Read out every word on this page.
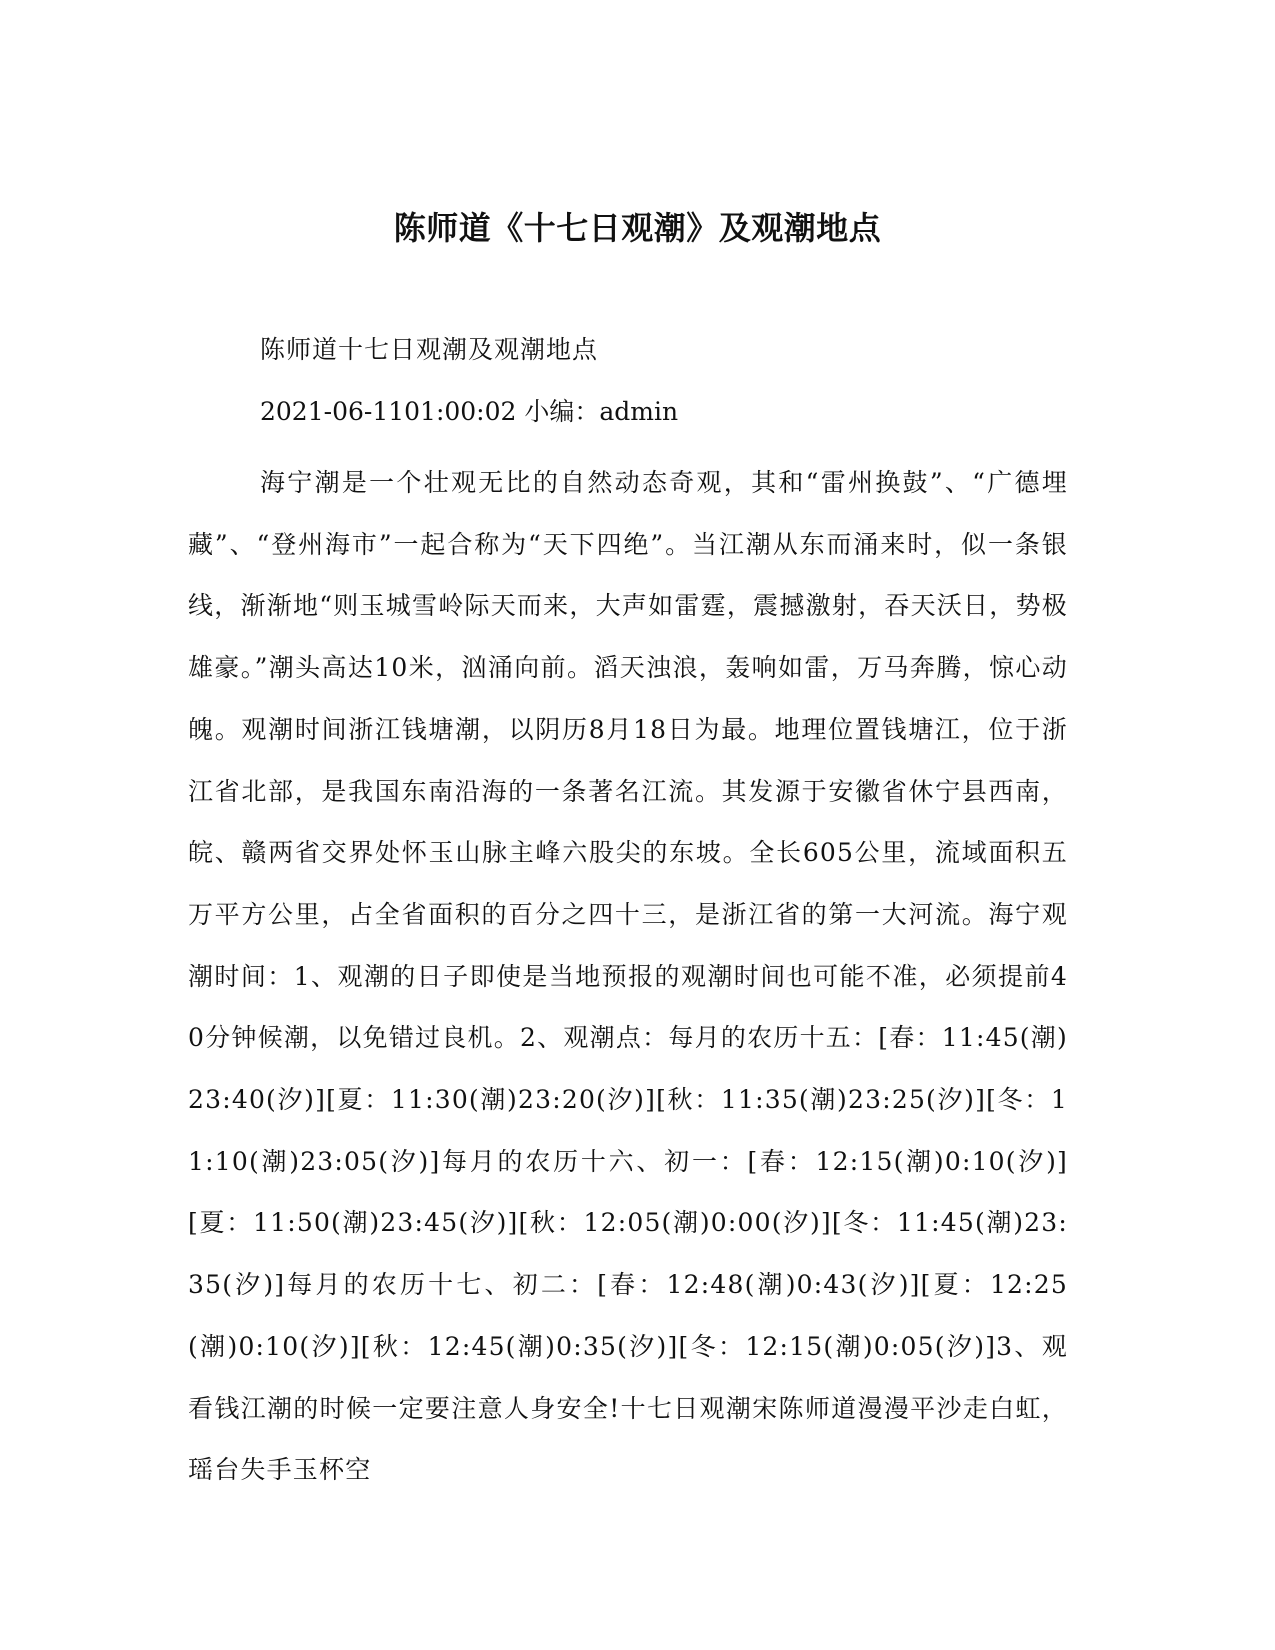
陈师道《十七日观潮》及观潮地点

陈师道十七日观潮及观潮地点

2021-06-1101:00:02 小编：admin

海宁潮是一个壮观无比的自然动态奇观，其和“雷州换鼓”、“广德埋藏”、“登州海市”一起合称为“天下四绝”。当江潮从东而涌来时，似一条银线，渐渐地“则玉城雪岭际天而来，大声如雷霆，震撼激射，吞天沃日，势极雄豪。”潮头高达10米，汹涌向前。滔天浊浪，轰响如雷，万马奔腾，惊心动魄。观潮时间浙江钱塘潮，以阴历8月18日为最。地理位置钱塘江，位于浙江省北部，是我国东南沿海的一条著名江流。其发源于安徽省休宁县西南，皖、赣两省交界处怀玉山脉主峰六股尖的东坡。全长605公里，流域面积五万平方公里，占全省面积的百分之四十三，是浙江省的第一大河流。海宁观潮时间：1、观潮的日子即使是当地预报的观潮时间也可能不准，必须提前40分钟候潮，以免错过良机。2、观潮点：每月的农历十五：[春：11:45(潮)23:40(汐)][夏：11:30(潮)23:20(汐)][秋：11:35(潮)23:25(汐)][冬：11:10(潮)23:05(汐)]每月的农历十六、初一：[春：12:15(潮)0:10(汐)][夏：11:50(潮)23:45(汐)][秋：12:05(潮)0:00(汐)][冬：11:45(潮)23:35(汐)]每月的农历十七、初二：[春：12:48(潮)0:43(汐)][夏：12:25(潮)0:10(汐)][秋：12:45(潮)0:35(汐)][冬：12:15(潮)0:05(汐)]3、观看钱江潮的时候一定要注意人身安全!十七日观潮宋陈师道漫漫平沙走白虹，瑶台失手玉杯空
